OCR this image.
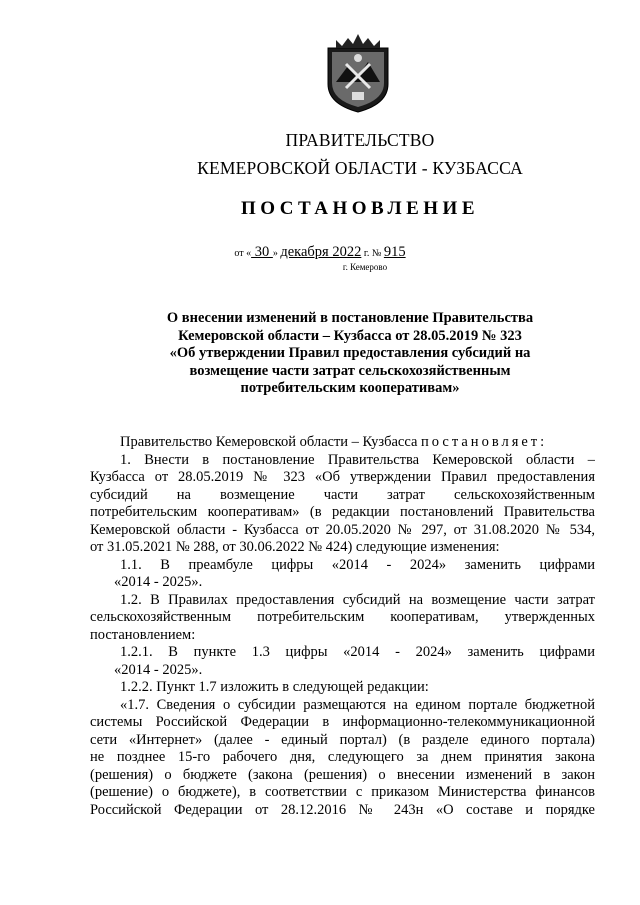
ПРАВИТЕЛЬСТВО
КЕМЕРОВСКОЙ ОБЛАСТИ - КУЗБАССА
ПОСТАНОВЛЕНИЕ
от « 30 » декабря 2022 г. № 915
г. Кемерово
О внесении изменений в постановление Правительства
Кемеровской области – Кузбасса от 28.05.2019 № 323
«Об утверждении Правил предоставления субсидий на
возмещение части затрат сельскохозяйственным
потребительским кооперативам»
Правительство Кемеровской области – Кузбасса постановляет:
1. Внести в постановление Правительства Кемеровской области –
Кузбасса от 28.05.2019 № 323 «Об утверждении Правил предоставления
субсидий на возмещение части затрат сельскохозяйственным
потребительским кооперативам» (в редакции постановлений Правительства
Кемеровской области - Кузбасса от 20.05.2020 № 297, от 31.08.2020 № 534,
от 31.05.2021 № 288, от 30.06.2022 № 424) следующие изменения:
1.1. В преамбуле цифры «2014 - 2024» заменить цифрами
«2014 - 2025».
1.2. В Правилах предоставления субсидий на возмещение части затрат
сельскохозяйственным потребительским кооперативам, утвержденных
постановлением:
1.2.1. В пункте 1.3 цифры «2014 - 2024» заменить цифрами
«2014 - 2025».
1.2.2. Пункт 1.7 изложить в следующей редакции:
«1.7. Сведения о субсидии размещаются на едином портале бюджетной
системы Российской Федерации в информационно-телекоммуникационной
сети «Интернет» (далее - единый портал) (в разделе единого портала)
не позднее 15-го рабочего дня, следующего за днем принятия закона
(решения) о бюджете (закона (решения) о внесении изменений в закон
(решение) о бюджете), в соответствии с приказом Министерства финансов
Российской Федерации от 28.12.2016 № 243н «О составе и порядке
